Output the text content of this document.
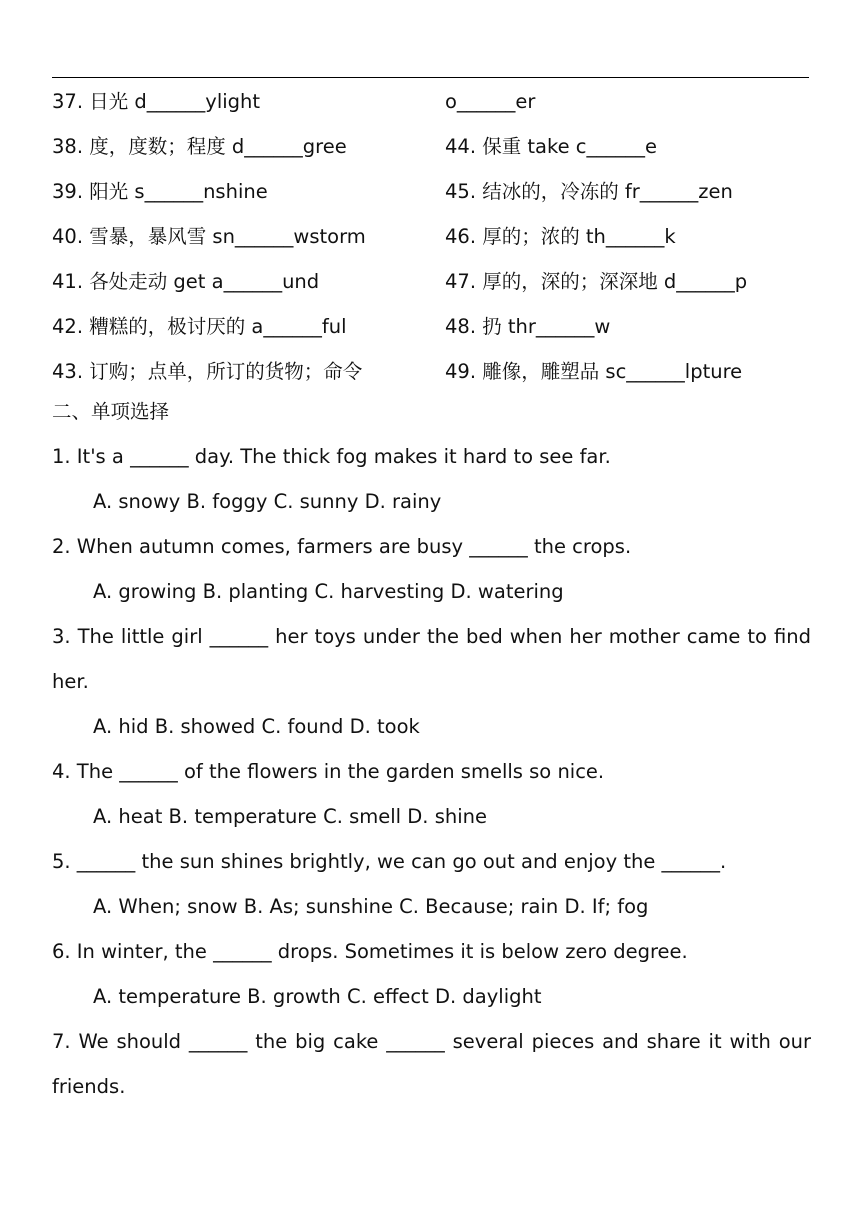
37. 日光 d______ylight
38. 度，度数；程度 d______gree
39. 阳光 s______nshine
40. 雪暴，暴风雪 sn______wstorm
41. 各处走动 get a______und
42. 糟糕的，极讨厌的 a______ful
43. 订购；点单，所订的货物；命令
o______er
44. 保重 take c______e
45. 结冰的，冷冻的 fr______zen
46. 厚的；浓的 th______k
47. 厚的，深的；深深地 d______p
48. 扔 thr______w
49. 雕像，雕塑品 sc______lpture
二、单项选择
1. It's a ______ day. The thick fog makes it hard to see far.
A. snowy B. foggy C. sunny D. rainy
2. When autumn comes, farmers are busy ______ the crops.
A. growing B. planting C. harvesting D. watering
3. The little girl ______ her toys under the bed when her mother came to find
her.
A. hid B. showed C. found D. took
4. The ______ of the flowers in the garden smells so nice.
A. heat B. temperature C. smell D. shine
5. ______ the sun shines brightly, we can go out and enjoy the ______.
A. When; snow B. As; sunshine C. Because; rain D. If; fog
6. In winter, the ______ drops. Sometimes it is below zero degree.
A. temperature B. growth C. effect D. daylight
7. We should ______ the big cake ______ several pieces and share it with our
friends.
